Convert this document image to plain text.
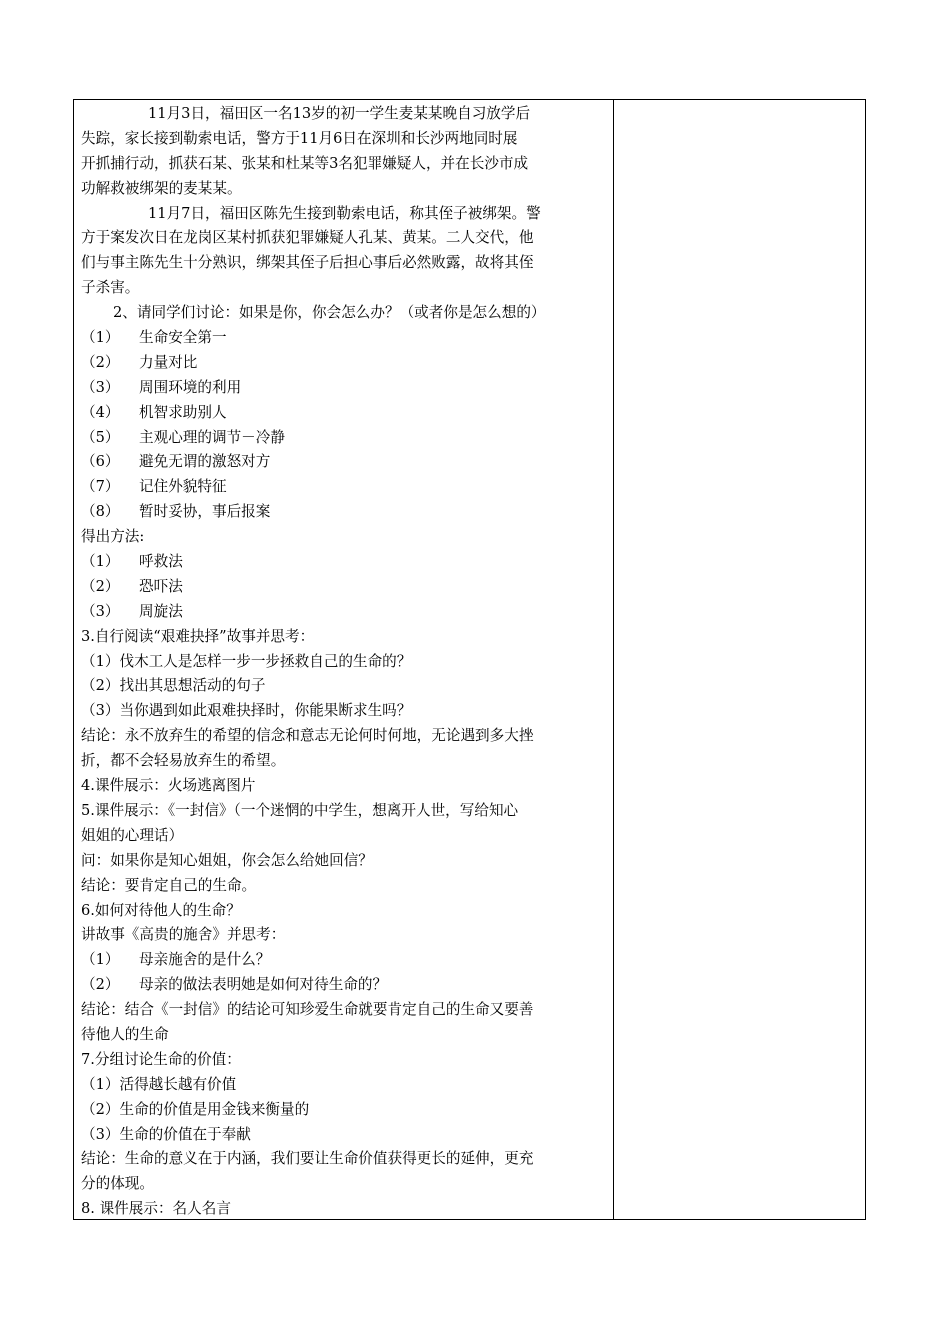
11月3日，福田区一名13岁的初一学生麦某某晚自习放学后
失踪，家长接到勒索电话，警方于11月6日在深圳和长沙两地同时展
开抓捕行动，抓获石某、张某和杜某等3名犯罪嫌疑人，并在长沙市成
功解救被绑架的麦某某。
11月7日，福田区陈先生接到勒索电话，称其侄子被绑架。警
方于案发次日在龙岗区某村抓获犯罪嫌疑人孔某、黄某。二人交代，他
们与事主陈先生十分熟识，绑架其侄子后担心事后必然败露，故将其侄
子杀害。
2、请同学们讨论：如果是你，你会怎么办？（或者你是怎么想的）
（1）	生命安全第一
（2）	力量对比
（3）	周围环境的利用
（4）	机智求助别人
（5）	主观心理的调节－冷静
（6）	避免无谓的激怒对方
（7）	记住外貌特征
（8）	暂时妥协，事后报案
得出方法:
（1）	呼救法
（2）	恐吓法
（3）	周旋法
3.自行阅读“艰难抉择”故事并思考：
（1）伐木工人是怎样一步一步拯救自己的生命的？
（2）找出其思想活动的句子
（3）当你遇到如此艰难抉择时，你能果断求生吗？
结论：永不放弃生的希望的信念和意志无论何时何地，无论遇到多大挫
折，都不会轻易放弃生的希望。
4.课件展示：火场逃离图片
5.课件展示：《一封信》（一个迷惘的中学生，想离开人世，写给知心
姐姐的心理话）
问：如果你是知心姐姐，你会怎么给她回信？
结论：要肯定自己的生命。
6.如何对待他人的生命？
讲故事《高贵的施舍》并思考：
（1）	母亲施舍的是什么？
（2）	母亲的做法表明她是如何对待生命的？
结论：结合《一封信》的结论可知珍爱生命就要肯定自己的生命又要善
待他人的生命
7.分组讨论生命的价值：
（1）活得越长越有价值
（2）生命的价值是用金钱来衡量的
（3）生命的价值在于奉献
结论：生命的意义在于内涵，我们要让生命价值获得更长的延伸，更充
分的体现。
8. 课件展示：名人名言
